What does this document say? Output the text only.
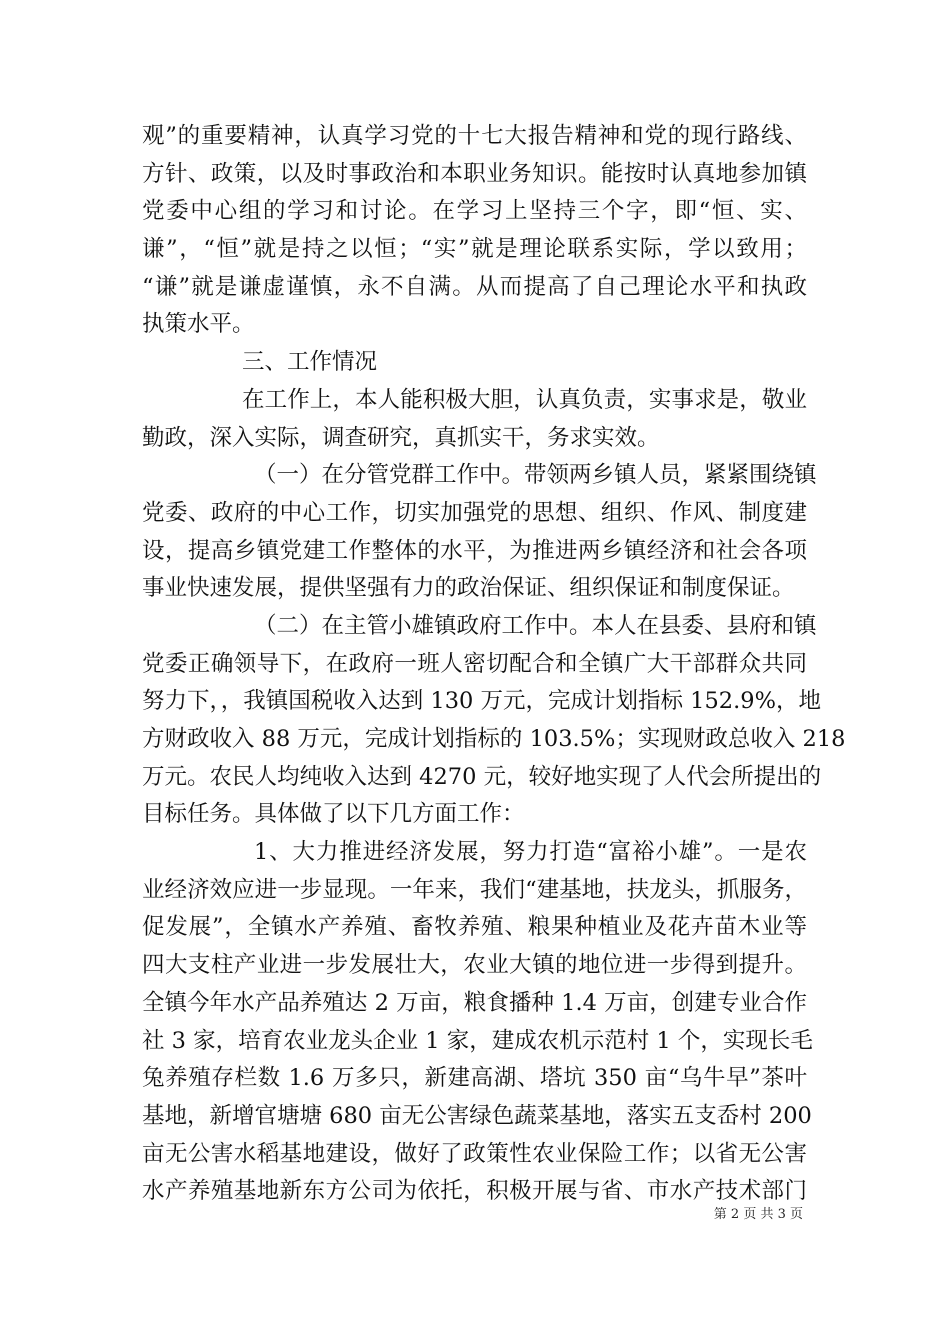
观”的重要精神，认真学习党的十七大报告精神和党的现行路线、
方针、政策，以及时事政治和本职业务知识。能按时认真地参加镇
党委中心组的学习和讨论。在学习上坚持三个字，即“恒、实、
谦”，“恒”就是持之以恒；“实”就是理论联系实际，学以致用；
“谦”就是谦虚谨慎，永不自满。从而提高了自己理论水平和执政
执策水平。
三、工作情况
在工作上，本人能积极大胆，认真负责，实事求是，敬业
勤政，深入实际，调查研究，真抓实干，务求实效。
（一）在分管党群工作中。带领两乡镇人员，紧紧围绕镇
党委、政府的中心工作，切实加强党的思想、组织、作风、制度建
设，提高乡镇党建工作整体的水平，为推进两乡镇经济和社会各项
事业快速发展，提供坚强有力的政治保证、组织保证和制度保证。
（二）在主管小雄镇政府工作中。本人在县委、县府和镇
党委正确领导下，在政府一班人密切配合和全镇广大干部群众共同
努力下，，我镇国税收入达到 130 万元，完成计划指标 152.9%，地
方财政收入 88 万元，完成计划指标的 103.5%；实现财政总收入 218
万元。农民人均纯收入达到 4270 元，较好地实现了人代会所提出的
目标任务。具体做了以下几方面工作：
1、大力推进经济发展，努力打造“富裕小雄”。一是农
业经济效应进一步显现。一年来，我们“建基地，扶龙头，抓服务，
促发展”，全镇水产养殖、畜牧养殖、粮果种植业及花卉苗木业等
四大支柱产业进一步发展壮大，农业大镇的地位进一步得到提升。
全镇今年水产品养殖达 2 万亩，粮食播种 1.4 万亩，创建专业合作
社 3 家，培育农业龙头企业 1 家，建成农机示范村 1 个，实现长毛
兔养殖存栏数 1.6 万多只，新建高湖、塔坑 350 亩“乌牛早”茶叶
基地，新增官塘塘 680 亩无公害绿色蔬菜基地，落实五支岙村 200
亩无公害水稻基地建设，做好了政策性农业保险工作；以省无公害
水产养殖基地新东方公司为依托，积极开展与省、市水产技术部门
第 2 页 共 3 页
